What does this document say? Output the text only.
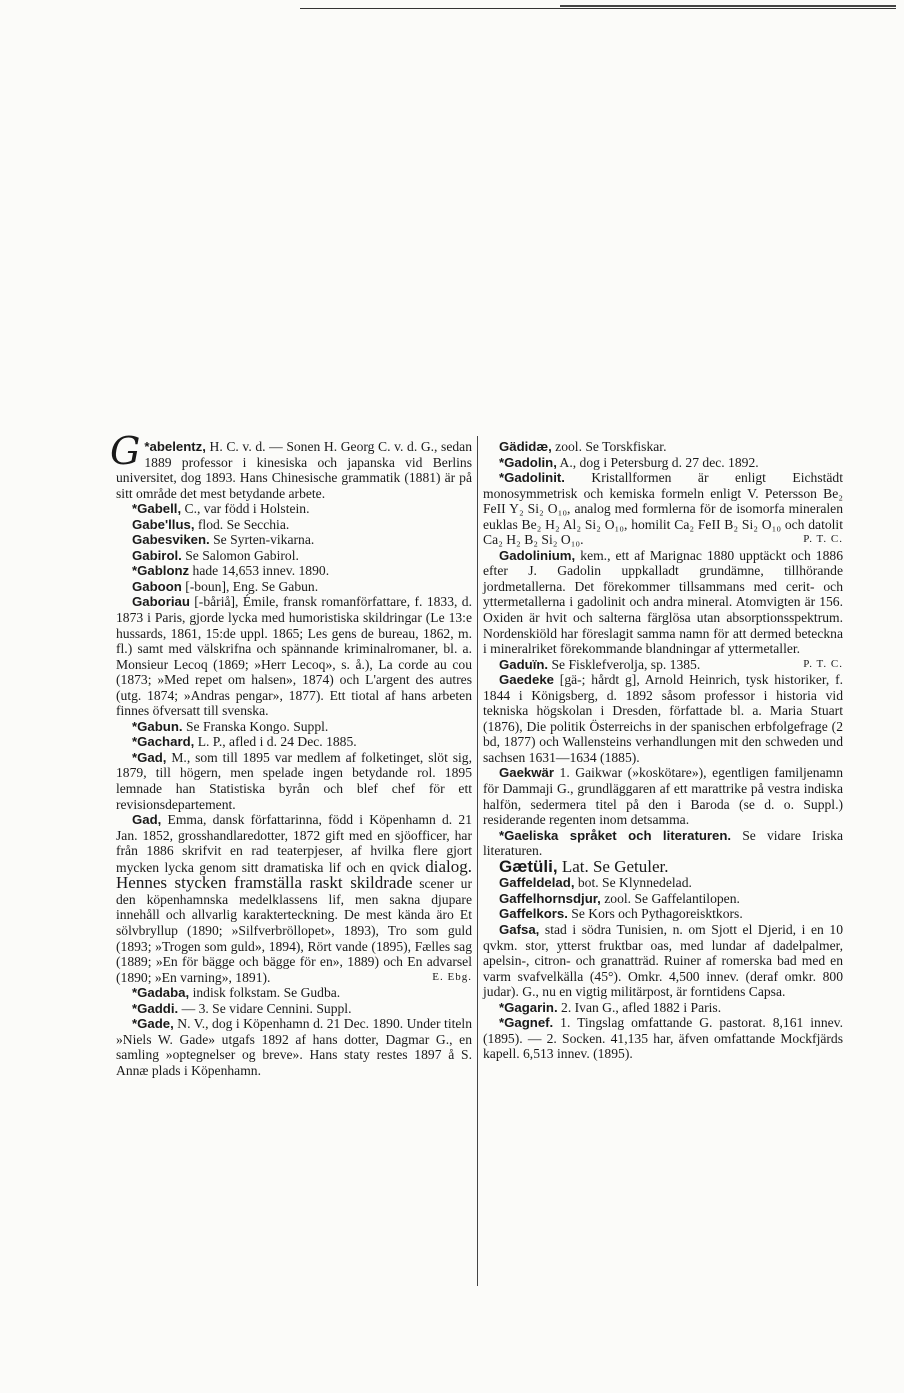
G *abelentz, H. C. v. d. — Sonen H. Georg C. v. d. G., sedan 1889 professor i kinesiska och japanska vid Berlins universitet, dog 1893. Hans Chinesische grammatik (1881) är på sitt område det mest betydande arbete.

*Gabell, C., var född i Holstein.

Gabe'llus, flod. Se Secchia.

Gabesviken. Se Syrten-vikarna.

Gabirol. Se Salomon Gabirol.

*Gablonz hade 14,653 innev. 1890.

Gaboon [-boun], Eng. Se Gabun.

Gaboriau [-båriå], Émile, fransk romanförfattare, f. 1833, d. 1873 i Paris, gjorde lycka med humoristiska skildringar (Le 13:e hussards, 1861, 15:de uppl. 1865; Les gens de bureau, 1862, m. fl.) samt med välskrifna och spännande kriminalromaner, bl. a. Monsieur Lecoq (1869; »Herr Lecoq», s. å.), La corde au cou (1873; »Med repet om halsen», 1874) och L'argent des autres (utg. 1874; »Andras pengar», 1877). Ett tiotal af hans arbeten finnes öfversatt till svenska.

*Gabun. Se Franska Kongo. Suppl.

*Gachard, L. P., afled i d. 24 Dec. 1885.

*Gad, M., som till 1895 var medlem af folketinget, slöt sig, 1879, till högern, men spelade ingen betydande rol. 1895 lemnade han Statistiska byrån och blef chef för ett revisionsdepartement.

Gad, Emma, dansk författarinna, född i Köpenhamn d. 21 Jan. 1852, grosshandlaredotter, 1872 gift med en sjöofficer, har från 1886 skrifvit en rad teaterpjeser, af hvilka flere gjort mycken lycka genom sitt dramatiska lif och en qvick dialog. Hennes stycken framställa raskt skildrade scener ur den köpenhamnska medelklassens lif, men sakna djupare innehåll och allvarlig karakterteckning. De mest kända äro Et sölvbryllup (1890; »Silfverbröllopet», 1893), Tro som guld (1893; »Trogen som guld», 1894), Rört vande (1895), Fælles sag (1889; »En för bägge och bägge för en», 1889) och En advarsel (1890; »En varning», 1891).	E. Ebg.

*Gadaba, indisk folkstam. Se Gudba.

*Gaddi. — 3. Se vidare Cennini. Suppl.

*Gade, N. V., dog i Köpenhamn d. 21 Dec. 1890. Under titeln »Niels W. Gade» utgafs 1892 af hans dotter, Dagmar G., en samling »optegnelser og breve». Hans staty restes 1897 å S. Annæ plads i Köpenhamn.

Gädidæ, zool. Se Torskfiskar.

*Gadolin, A., dog i Petersburg d. 27 dec. 1892.

*Gadolinit. Kristallformen är enligt Eichstädt monosymmetrisk och kemiska formeln enligt V. Petersson Be₂ FeII Y₂ Si₂ O₁₀, analog med formlerna för de isomorfa mineralen euklas Be₂ H₂ Al₂ Si₂ O₁₀, homilit Ca₂ FeII B₂ Si₂ O₁₀ och datolit Ca₂ H₂ B₂ Si₂ O₁₀.	P. T. C.

Gadolinium, kem., ett af Marignac 1880 upptäckt och 1886 efter J. Gadolin uppkalladt grundämne, tillhörande jordmetallerna. Det förekommer tillsammans med cerit- och yttermetallerna i gadolinit och andra mineral. Atomvigten är 156. Oxiden är hvit och salterna färglösa utan absorptionsspektrum. Nordenskiöld har föreslagit samma namn för att dermed beteckna i mineralriket förekommande blandningar af yttermetaller.
P. T. C.

Gaduïn. Se Fisklefverolja, sp. 1385.

Gaedeke [gä-; hårdt g], Arnold Heinrich, tysk historiker, f. 1844 i Königsberg, d. 1892 såsom professor i historia vid tekniska högskolan i Dresden, författade bl. a. Maria Stuart (1876), Die politik Österreichs in der spanischen erbfolgefrage (2 bd, 1877) och Wallensteins verhandlungen mit den schweden und sachsen 1631—1634 (1885).

Gaekwär 1. Gaikwar (»koskötare»), egentligen familjenamn för Dammaji G., grundläggaren af ett marattrike på vestra indiska halfön, sedermera titel på den i Baroda (se d. o. Suppl.) residerande regenten inom detsamma.

*Gaeliska språket och literaturen. Se vidare Iriska literaturen.

Gætüli, Lat. Se Getuler.

Gaffeldelad, bot. Se Klynnedelad.

Gaffelhornsdjur, zool. Se Gaffelantilopen.

Gaffelkors. Se Kors och Pythagoreisktkors.

Gafsa, stad i södra Tunisien, n. om Sjott el Djerid, i en 10 qvkm. stor, ytterst fruktbar oas, med lundar af dadelpalmer, apelsin-, citron- och granatträd. Ruiner af romerska bad med en varm svafvelkälla (45°). Omkr. 4,500 innev. (deraf omkr. 800 judar). G., nu en vigtig militärpost, är forntidens Capsa.

*Gagarin. 2. Ivan G., afled 1882 i Paris.

*Gagnef. 1. Tingslag omfattande G. pastorat. 8,161 innev. (1895). — 2. Socken. 41,135 har, äfven omfattande Mockfjärds kapell. 6,513 innev. (1895).
